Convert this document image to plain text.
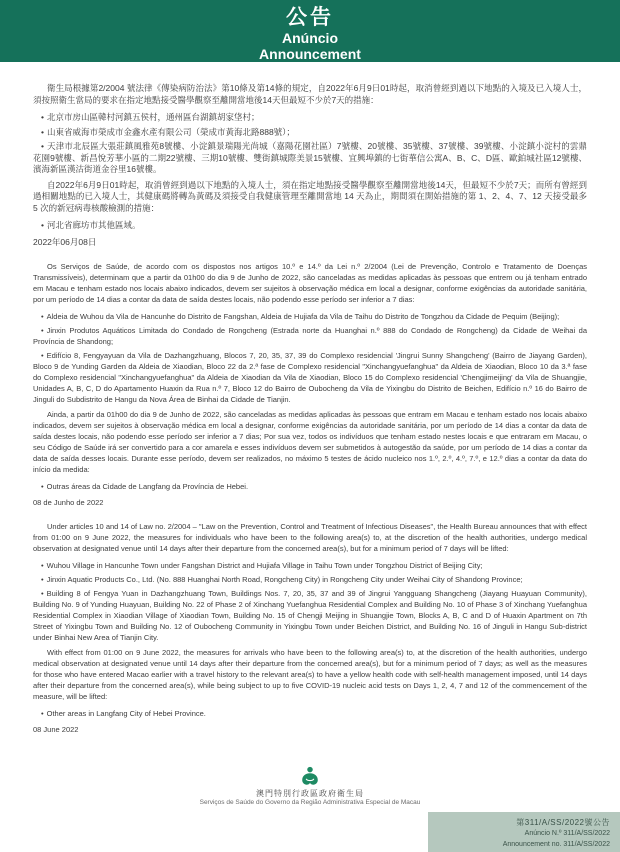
公告
Anúncio
Announcement

衛生局根據第2/2004 號法律《傳染病防治法》第10條及第14條的規定，自2022年6月9日01時起，取消曾經到過以下地點的入境及已入境人士，須按照衛生當局的要求在指定地點接受醫學觀察至離開當地後14天但最短不少於7天的措施：

• 北京市房山區韓村河鎮五侯村，通州區台湖鎮胡家垡村；

• 山東省威海市榮成市金鑫水產有限公司（榮成市黃海北路888號）；

• 天津市北辰區大張莊鎮風雅苑8號樓、小淀鎮景瑞陽光尚城（嘉陽花園社區）7號樓、20號樓、35號樓、37號樓、39號樓、小淀鎮小淀村的雲鼎花園9號樓、新昌悅芳華小區的二期22號樓、三期10號樓、雙街鎮城際美景15號樓、宜興埠鎮的七街華信公寓A、B、C、D區、歐鉑城社區12號樓、濱海新區漢沽街道金谷里16號樓。

自2022年6月9日01時起，取消曾經到過以下地點的入境人士，須在指定地點接受醫學觀察至離開當地後14天，但最短不少於7天；而所有曾經到過相關地點的已入境人士，其健康碼將轉為黃碼及須接受自我健康管理至離開當地 14 天為止，期間須在開始措施的第 1、2、4、7、12 天接受最多 5 次的新冠病毒核酸檢測的措施：

• 河北省廊坊市其他區域。

2022年06月08日

Os Serviços de Saúde, de acordo com os dispostos nos artigos 10.º e 14.º da Lei n.º 2/2004 (Lei de Prevenção, Controlo e Tratamento de Doenças Transmissíveis), determinam que a partir da 01h00 do dia 9 de Junho de 2022, são canceladas as medidas aplicadas às pessoas que entrem ou já tenham entrado em Macau e tenham estado nos locais abaixo indicados, devem ser sujeitos à observação médica em local a designar, conforme exigências da autoridade sanitária, por um período de 14 dias a contar da data de saída destes locais, não podendo esse período ser inferior a 7 dias:

• Aldeia de Wuhou da Vila de Hancunhe do Distrito de Fangshan, Aldeia de Hujiafa da Vila de Taihu do Distrito de Tongzhou da Cidade de Pequim (Beijing);

• Jinxin Produtos Aquáticos Limitada do Condado de Rongcheng (Estrada norte da Huanghai n.º 888 do Condado de Rongcheng) da Cidade de Weihai da Província de Shandong;

• Edifício 8, Fengyayuan da Vila de Dazhangzhuang, Blocos 7, 20, 35, 37, 39 do Complexo residencial 'Jingrui Sunny Shangcheng' (Bairro de Jiayang Garden), Bloco 9 de Yunding Garden da Aldeia de Xiaodian, Bloco 22 da 2.ª fase de Complexo residencial "Xinchangyuefanghua" da Aldeia de Xiaodian, Bloco 10 da 3.ª fase do Complexo residencial "Xinchangyuefanghua" da Aldeia de Xiaodian da Vila de Xiaodian, Bloco 15 do Complexo residencial 'Chengjimeijing' da Vila de Shuangjie, Unidades A, B, C, D do Apartamento Huaxin da Rua n.º 7, Bloco 12 do Bairro de Oubocheng da Vila de Yixingbu do Distrito de Beichen, Edifício n.º 16 do Bairro de Jinguli do Subdistrito de Hangu da Nova Área de Binhai da Cidade de Tianjin.

Ainda, a partir da 01h00 do dia 9 de Junho de 2022, são canceladas as medidas aplicadas às pessoas que entram em Macau e tenham estado nos locais abaixo indicados, devem ser sujeitos à observação médica em local a designar, conforme exigências da autoridade sanitária, por um período de 14 dias a contar da data de saída destes locais, não podendo esse período ser inferior a 7 dias; Por sua vez, todos os indivíduos que tenham estado nestes locais e que entraram em Macau, o seu Código de Saúde irá ser convertido para a cor amarela e esses indivíduos devem ser submetidos à autogestão da saúde, por um período de 14 dias a contar da data de saída desses locais. Durante esse período, devem ser realizados, no máximo 5 testes de ácido nucleico nos 1.º, 2.º, 4.º, 7.º, e 12.º dias a contar da data do início da medida:

• Outras áreas da Cidade de Langfang da Província de Hebei.

08 de Junho de 2022

Under articles 10 and 14 of Law no. 2/2004 – "Law on the Prevention, Control and Treatment of Infectious Diseases", the Health Bureau announces that with effect from 01:00 on 9 June 2022, the measures for individuals who have been to the following area(s) to, at the discretion of the health authorities, undergo medical observation at designated venue until 14 days after their departure from the concerned area(s), but for a minimum period of 7 days will be lifted:

• Wuhou Village in Hancunhe Town under Fangshan District and Hujiafa Village in Taihu Town under Tongzhou District of Beijing City;

• Jinxin Aquatic Products Co., Ltd. (No. 888 Huanghai North Road, Rongcheng City) in Rongcheng City under Weihai City of Shandong Province;

• Building 8 of Fengya Yuan in Dazhangzhuang Town, Buildings Nos. 7, 20, 35, 37 and 39 of Jingrui Yangguang Shangcheng (Jiayang Huayuan Community), Building No. 9 of Yunding Huayuan, Building No. 22 of Phase 2 of Xinchang Yuefanghua Residential Complex and Building No. 10 of Phase 3 of Xinchang Yuefanghua Residential Complex in Xiaodian Village of Xiaodian Town, Building No. 15 of Chengji Meijing in Shuangjie Town, Blocks A, B, C and D of Huaxin Apartment on 7th Street of Yixingbu Town and Building No. 12 of Oubocheng Community in Yixingbu Town under Beichen District, and Building No. 16 of Jinguli in Hangu Sub-district under Binhai New Area of Tianjin City.

With effect from 01:00 on 9 June 2022, the measures for arrivals who have been to the following area(s) to, at the discretion of the health authorities, undergo medical observation at designated venue until 14 days after their departure from the concerned area(s), but for a minimum period of 7 days; as well as the measures for those who have entered Macao earlier with a travel history to the relevant area(s) to have a yellow health code with self-health management imposed, until 14 days after their departure from the concerned area(s), while being subject to up to five COVID-19 nucleic acid tests on Days 1, 2, 4, 7 and 12 of the commencement of the measure, will be lifted:

• Other areas in Langfang City of Hebei Province.

08 June 2022

澳門特別行政區政府衛生局
Serviços de Saúde do Governo da Região Administrativa Especial de Macau
第311/A/SS/2022號公告
Anúncio N.º 311/A/SS/2022
Announcement no. 311/A/SS/2022
